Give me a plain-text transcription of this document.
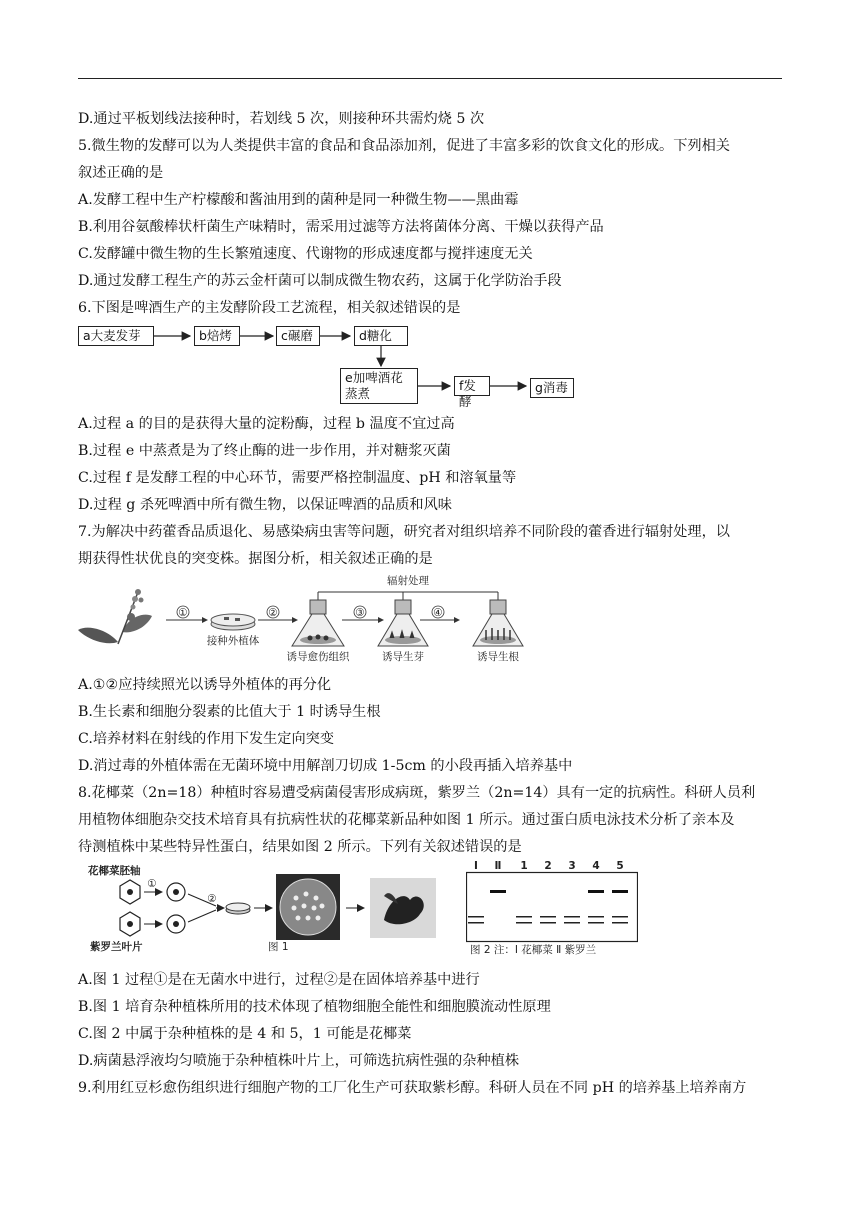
D.通过平板划线法接种时，若划线 5 次，则接种环共需灼烧 5 次
5.微生物的发酵可以为人类提供丰富的食品和食品添加剂，促进了丰富多彩的饮食文化的形成。下列相关
叙述正确的是
A.发酵工程中生产柠檬酸和酱油用到的菌种是同一种微生物——黑曲霉
B.利用谷氨酸棒状杆菌生产味精时，需采用过滤等方法将菌体分离、干燥以获得产品
C.发酵罐中微生物的生长繁殖速度、代谢物的形成速度都与搅拌速度无关
D.通过发酵工程生产的苏云金杆菌可以制成微生物农药，这属于化学防治手段
6.下图是啤酒生产的主发酵阶段工艺流程，相关叙述错误的是
a大麦发芽	b焙烤	c碾磨	d糖化
e加啤酒花
蒸煮
f发酵
g消毒
A.过程 a 的目的是获得大量的淀粉酶，过程 b 温度不宜过高
B.过程 e 中蒸煮是为了终止酶的进一步作用，并对糖浆灭菌
C.过程 f 是发酵工程的中心环节，需要严格控制温度、pH 和溶氧量等
D.过程 g 杀死啤酒中所有微生物，以保证啤酒的品质和风味
7.为解决中药藿香品质退化、易感染病虫害等问题，研究者对组织培养不同阶段的藿香进行辐射处理，以
期获得性状优良的突变株。据图分析，相关叙述正确的是
①	②	③	④
辐射处理
接种外植体
诱导愈伤组织	诱导生芽	诱导生根
A.①②应持续照光以诱导外植体的再分化
B.生长素和细胞分裂素的比值大于 1 时诱导生根
C.培养材料在射线的作用下发生定向突变
D.消过毒的外植体需在无菌环境中用解剖刀切成 1-5cm 的小段再插入培养基中
8.花椰菜（2n=18）种植时容易遭受病菌侵害形成病斑，紫罗兰（2n=14）具有一定的抗病性。科研人员利
用植物体细胞杂交技术培育具有抗病性状的花椰菜新品种如图 1 所示。通过蛋白质电泳技术分析了亲本及
待测植株中某些特异性蛋白，结果如图 2 所示。下列有关叙述错误的是
花椰菜胚轴
紫罗兰叶片
①
②
图 1
Ⅰ Ⅱ 1 2 3 4 5
图 2 注：Ⅰ 花椰菜 Ⅱ 紫罗兰
A.图 1 过程①是在无菌水中进行，过程②是在固体培养基中进行
B.图 1 培育杂种植株所用的技术体现了植物细胞全能性和细胞膜流动性原理
C.图 2 中属于杂种植株的是 4 和 5，1 可能是花椰菜
D.病菌悬浮液均匀喷施于杂种植株叶片上，可筛选抗病性强的杂种植株
9.利用红豆杉愈伤组织进行细胞产物的工厂化生产可获取紫杉醇。科研人员在不同 pH 的培养基上培养南方
